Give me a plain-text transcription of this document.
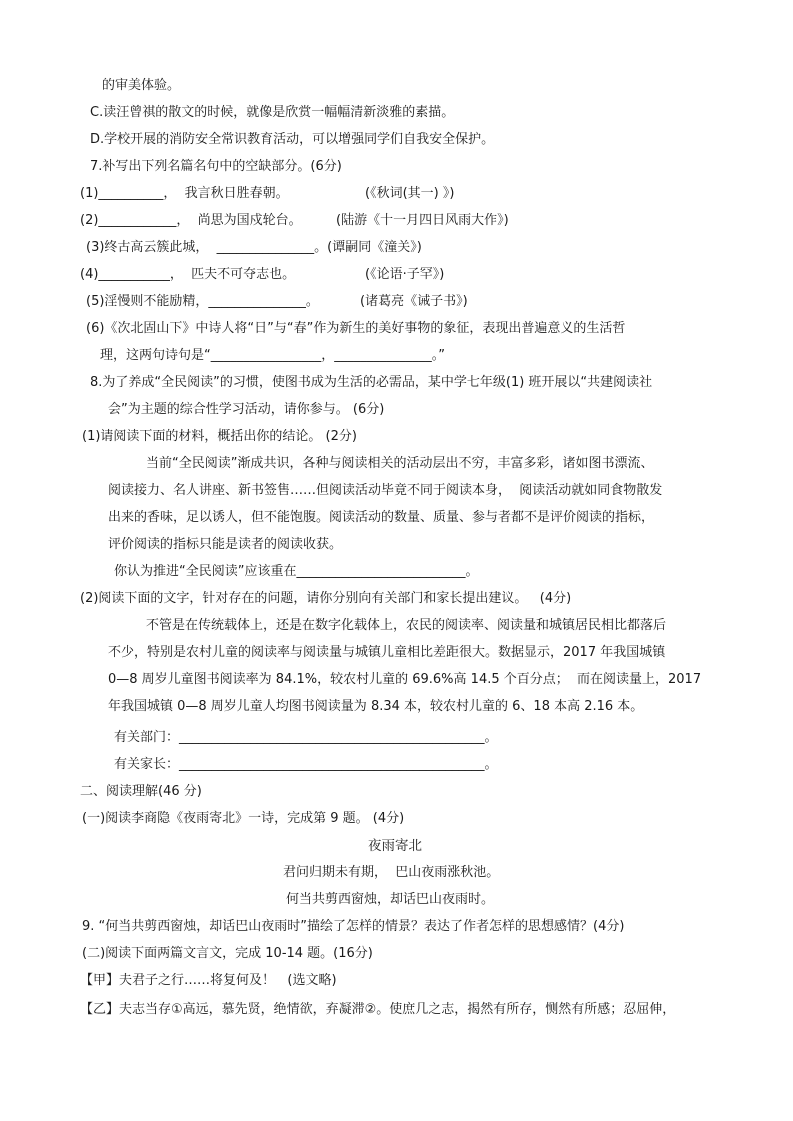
的审美体验。
C.读汪曾祺的散文的时候，就像是欣赏一幅幅清新淡雅的素描。
D.学校开展的消防安全常识教育活动，可以增强同学们自我安全保护。
7.补写出下列名篇名句中的空缺部分。(6分)
(1)__________，  我言秋日胜春朝。	(《秋词(其一) 》)
(2)____________，  尚思为国戍轮台。	(陆游《十一月四日风雨大作》)
(3)终古高云簇此城，  _______________。(谭嗣同《潼关》)
(4)___________，  匹夫不可夺志也。	(《论语·子罕》)
(5)淫慢则不能励精，_______________。	(诸葛亮《诫子书》)
(6)《次北固山下》中诗人将“日”与“春”作为新生的美好事物的象征，表现出普遍意义的生活哲
理，这两句诗句是“_________________，_______________。”
8.为了养成“全民阅读”的习惯，使图书成为生活的必需品，某中学七年级(1) 班开展以“共建阅读社
会”为主题的综合性学习活动，请你参与。 (6分)
(1)请阅读下面的材料，概括出你的结论。 (2分)
当前“全民阅读”渐成共识，各种与阅读相关的活动层出不穷，丰富多彩，诸如图书漂流、
阅读接力、名人讲座、新书签售……但阅读活动毕竟不同于阅读本身，  阅读活动就如同食物散发
出来的香味，足以诱人，但不能饱腹。阅读活动的数量、质量、参与者都不是评价阅读的指标，
评价阅读的指标只能是读者的阅读收获。
你认为推进“全民阅读”应该重在__________________________。
(2)阅读下面的文字，针对存在的问题，请你分别向有关部门和家长提出建议。   (4分)
不管是在传统载体上，还是在数字化载体上，农民的阅读率、阅读量和城镇居民相比都落后
不少，特别是农村儿童的阅读率与阅读量与城镇儿童相比差距很大。数据显示，2017 年我国城镇
0—8 周岁儿童图书阅读率为 84.1%，较农村儿童的 69.6%高 14.5 个百分点；  而在阅读量上，2017
年我国城镇 0—8 周岁儿童人均图书阅读量为 8.34 本，较农村儿童的 6、18 本高 2.16 本。
有关部门：_______________________________________________。
有关家长：_______________________________________________。
二、阅读理解(46 分)
(一)阅读李商隐《夜雨寄北》一诗，完成第 9 题。 (4分)
夜雨寄北
君问归期未有期，  巴山夜雨涨秋池。
何当共剪西窗烛，却话巴山夜雨时。
9. “何当共剪西窗烛，却话巴山夜雨时”描绘了怎样的情景？表达了作者怎样的思想感情？(4分)
(二)阅读下面两篇文言文，完成 10-14 题。(16分)
【甲】夫君子之行……将复何及！   (选文略)
【乙】夫志当存①高远，慕先贤，绝情欲，弃凝滞②。使庶几之志，揭然有所存，恻然有所感；忍屈伸，
